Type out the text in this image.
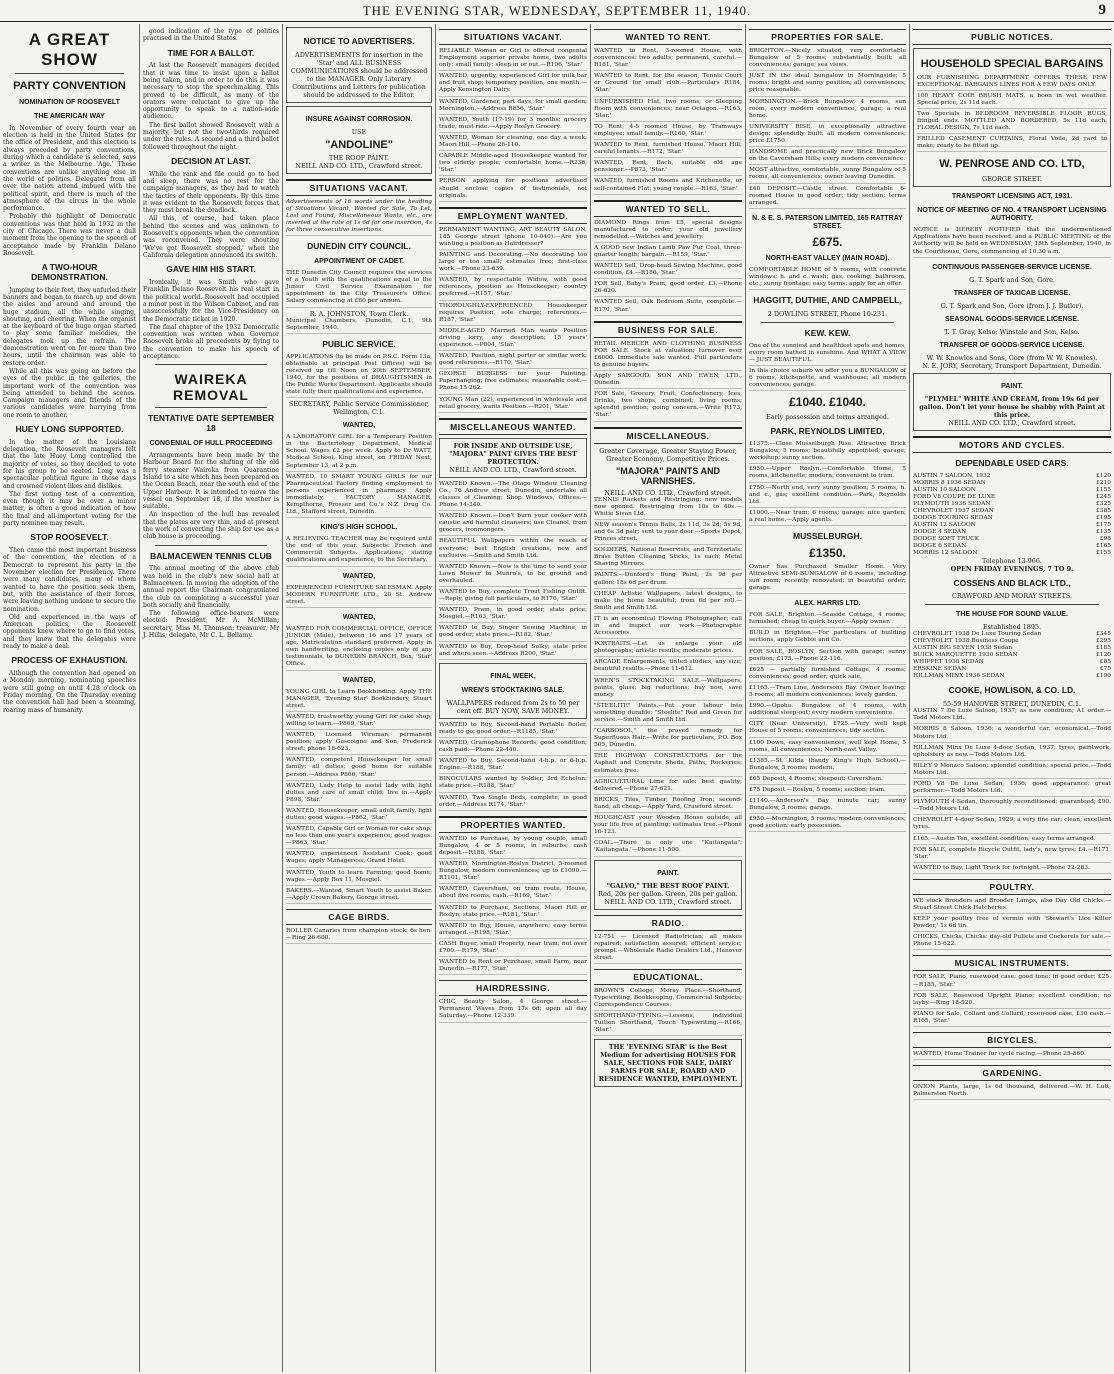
THE EVENING STAR, WEDNESDAY, SEPTEMBER 11, 1940.	9
A GREAT SHOW
PARTY CONVENTION
NOMINATION OF ROOSEVELT
THE AMERICAN WAY

In November of every fourth year an election is held in the United States for the office of President, and this election is always preceded by party conventions, during which a candidate is selected, says a writer in the Melbourne 'Age.' These conventions are unlike anything else in the world of politics. Delegates from all over the nation attend imbued with the political spirit, and there is much of the atmosphere of the circus in the whole performance.

Probably the highlight of Democratic conventions was that held in 1932 in the city of Chicago. There was never a dull moment from the opening to the speech of acceptance made by Franklin Delano Roosevelt.

A TWO-HOUR DEMONSTRATION.

Jumping to their feet, they unfurled their banners and began to march up and down the aisles and around and around the huge stadium, all the while singing, shouting, and cheering. When the organist at the keyboard of the huge organ started to play some familiar melodies, the delegates took up the refrain. The demonstration went on for more than two hours, until the chairman was able to restore order.

While all this was going on before the eyes of the public in the galleries, the important work of the convention was being attended to behind the scenes. Campaign managers and friends of the various candidates were hurrying from one room to another.

HUEY LONG SUPPORTED.

In the matter of the Louisiana delegation, the Roosevelt managers felt that the late Huey Long controlled the majority of votes, so they decided to vote for his group to be seated. Long was a spectacular political figure in those days and crowned violent likes and dislikes.

The first voting test of a convention, even though it may be over a minor matter, is often a good indication of how the final and all-important voting for the party nominee may result.

STOP ROOSEVELT.

Then came the most important business of the convention, the election of a Democrat to represent his party in the November election for Presidency. There were many candidates, many of whom wanted to have the position seek them, but, with the assistance of their forces, were leaving nothing undone to secure the nomination.

Old and experienced in the ways of American politics, the Roosevelt opponents knew where to go to find votes, and they knew that the delegates were ready to make a deal.

PROCESS OF EXHAUSTION.

Although the convention had opened on a Monday morning, nominating speeches were still going on until 4.28 o'clock on Friday morning. On the Thursday evening the convention hall had been a steaming, roaring mass of humanity.

good indication of the type of politics practised in the United States.

TIME FOR A BALLOT.

At last the Roosevelt managers decided that it was time to insist upon a ballot being taken, and in order to do this it was necessary to stop the speechmaking. This proved to be difficult, as many of the orators were reluctant to give up the opportunity to speak to a nation-wide audience.

The first ballot showed Roosevelt with a majority, but not the two-thirds required under the rules. A second and a third ballot followed throughout the night.

DECISION AT LAST.

While the rank and file could go to bed and sleep, there was no rest for the campaign managers, as they had to watch the tactics of their opponents. By this time it was evident to the Roosevelt forces that they must break the deadlock.

All this, of course, had taken place behind the scenes and was unknown to Roosevelt's opponents when the convention was reconvened. They were shouting 'We've got Roosevelt stopped,' when the California delegation announced its switch.

GAVE HIM HIS START.

Ironically, it was Smith who gave Franklin Delano Roosevelt his real start in the political world. Roosevelt had occupied a minor post in the Wilson Cabinet, and ran unsuccessfully for the Vice-Presidency on the Democratic ticket in 1920.

The final chapter of the 1932 Democratic convention was written when Governor Roosevelt broke all precedents by flying to the convention to make his speech of acceptance.

WAIREKA REMOVAL
TENTATIVE DATE SEPTEMBER 18
CONGENIAL OF HULL PROCEEDING

Arrangements have been made by the Harbour Board for the shifting of the old ferry steamer Waireka from Quarantine Island to a site which has been prepared on the Ocean Beach, near the south end of the Upper Harbour. It is intended to move the vessel on September 18, if the weather is suitable.

An inspection of the hull has revealed that the plates are very thin, and at present the work of converting the ship for use as a club house is proceeding.

BALMACEWEN TENNIS CLUB

The annual meeting of the above club was held in the club's new social hall at Balmacewen. In moving the adoption of the annual report the Chairman congratulated the club on completing a successful year both socially and financially.

The following office-bearers were elected: President, Mr A. McMillan; secretary, Miss M. Thomson; treasurer, Mr J. Hillis; delegate, Mr C. L. Bellamy.

NOTICE TO ADVERTISERS.
ADVERTISEMENTS for insertion in the 'Star' and ALL BUSINESS COMMUNICATIONS should be addressed to the MANAGER. Only Literary Contributions and Letters for publication should be addressed to the Editor.
INSURE AGAINST CORROSION.
USE
"ANDOLINE"
THE ROOF PAINT.
NEILL AND CO. LTD., Crawford street.
SITUATIONS VACANT.

Advertisements of 16 words under the heading of Situations Vacant, Wanted for Sale, To Let, Lost and Found, Miscellaneous Wants, etc., are inserted at the rate of 1s 6d for one insertion, 4s for three consecutive insertions.

DUNEDIN CITY COUNCIL.
APPOINTMENT OF CADET.

THE Dunedin City Council requires the services of a Youth with the qualifications equal to the Junior Civil Service Examination for appointment to the City Treasurer's Office. Salary commencing at £60 per annum.

R. A. JOHNSTON, Town Clerk.

Municipal Chambers, Dunedin, C.1, 9th September, 1940.

PUBLIC SERVICE.

APPLICATIONS (to be made on P.S.C. Form 13a, obtainable at principal Post Offices) will be received up till Noon on 20th SEPTEMBER, 1940, for the positions of DRAUGHTSMEN in the Public Works Department. Applicants should state fully their qualifications and experience.

SECRETARY, Public Service Commissioner, Wellington, C.1.
WANTED,

A LABORATORY GIRL for a Temporary Position in the Bacteriology Department, Medical School. Wages £2 per week. Apply to Dr WATT, Medical School, King street, on FRIDAY Next, September 13, at 2 p.m.

WANTED, 10 SMART YOUNG GIRLS for our Pharmaceutical Factory finding employment to persons experienced in pharmacy. Apply immediately, FACTORY MANAGER, Kempthorne, Prosser and Co.'s N.Z. Drug Co. Ltd., Stafford street, Dunedin.

KING'S HIGH SCHOOL.

A RELIEVING TEACHER may be required until the end of this year. Subjects: French and Commercial Subjects. Applications, stating qualifications and experience, to the Secretary.

WANTED,

EXPERIENCED FURNITURE SALESMAN. Apply MODERN FURNITURE LTD., 20 St. Andrew street.

WANTED,

WANTED FOR COMMERCIAL OFFICE, OFFICE JUNIOR (Male), between 16 and 17 years of age. Matriculation standard preferred. Apply in own handwriting, enclosing copies only of any testimonials, to DUNEDIN BRANCH, Box, 'Star' Office.

WANTED,

YOUNG GIRL to Learn Bookbinding. Apply THE MANAGER, 'Evening Star' Bookbindery, Stuart street.

WANTED, trustworthy young Girl for cake shop; willing to learn.—P869, 'Star.'

WANTED, Licensed Wireman; permanent position; apply Gascoigne and Son, Frederick street; phone 18-623.

WANTED, competent Housekeeper for small family; all duties; good home for suitable person.—Address P866, 'Star.'

WANTED, Lady Help to assist lady with light duties and care of small child; live in.—Apply P898, 'Star.'

WANTED, Housekeeper, small adult family, light duties; good wages.—P862, 'Star.'

WANTED, Capable Girl or Woman for cake shop; no less than one year's experience; good wages.—P863, 'Star.'

WANTED, experienced Assistant Cook; good wages; apply Manageress, Grand Hotel.

WANTED, Youth to learn Farming; good home; wages.—Apply Box 11, Mosgiel.

BAKERS.—Wanted, Smart Youth to assist Baker.—Apply Crown Bakery, George street.

CAGE BIRDS.

ROLLER Canaries from champion stock; 6s hen.—Ring 26-600.

SITUATIONS VACANT.

RELIABLE Woman or Girl is offered congenial Employment superior private home, two adults only; small family; sleep in or out.—R196, 'Star.'

WANTED, urgently, experienced Girl for milk bar and fruit shop; temporary position, one month.—Apply Kensington Dairy.

WANTED, Gardener, part days, for small garden; Mornington.—Address R856, 'Star.'

WANTED, Youth (17-19) for 3 months; grocery trade; must ride.—Apply Roslyn Grocery.

WANTED, Woman for cleaning, one day a week; Maori Hill.—Phone 26-110.

CAPABLE Middle-aged Housekeeper wanted for two elderly people; comfortable home.—R238, 'Star.'

PERSON applying for positions advertised should enclose copies of testimonials, not originals.

EMPLOYMENT WANTED.

PERMANENT WANTING, ART BEAUTY SALON, 185 George street (phone 10-040).—Are you wanting a position as Hairdresser?

PAINTING and Decorating.—No decorating too large or too small; estimates free; first-class work.—Phone 23-639.

WANTED, by respectable Widow, with good references, position as Housekeeper; country preferred.—R157, 'Star.'

THOROUGHLY-EXPERIENCED Housekeeper requires Position, sole charge; references.—R187, 'Star.'

MIDDLE-AGED Married Man wants Position driving lorry, any description; 15 years' experience.—P804, 'Star.'

WANTED, Position, night porter or similar work; good references.—R170, 'Star.'

GEORGE BURGESS for your Painting, Paperhanging; free estimates; reasonable cost.—Phone 15-262.

YOUNG Man (22), experienced in wholesale and retail grocery, wants Position.—R201, 'Star.'

MISCELLANEOUS WANTED.
FOR INSIDE AND OUTSIDE USE, "MAJORA" PAINT GIVES THE BEST PROTECTION.
NEILL AND CO. LTD., Crawford street.

WANTED Known.—The Otago Window Cleaning Co., 76 Andrew street, Dunedin, undertake all classes of Cleaning; Shop Windows, Offices.—Phone 14-340.

WANTED Known.—Don't burn your cooker with caustic and harmful cleansers; use Cleanol, from grocers, ironmongers.

BEAUTIFUL Wallpapers within the reach of everyone; best English creations, new and exclusive.—Smith and Smith Ltd.

WANTED Known.—Now is the time to send your Lawn Mower to Munro's, to be ground and overhauled.

WANTED to Buy, complete Trout Fishing Outfit.—Reply, giving full particulars, to R176, 'Star.'

WANTED, Pram, in good order, state price; Mosgiel.—R163, 'Star.'

WANTED to Buy, Singer Sewing Machine, in good order; state price.—R182, 'Star.'

WANTED to Buy, Drop-head Sulky; state price and where seen.—Address R200, 'Star.'

FINAL WEEK,
WREN'S STOCKTAKING SALE.
WALLPAPERS reduced from 2s to 50 per cent off. BUY NOW, SAVE MONEY.

WANTED to Buy, Second-hand Portable Boiler, ready to go; good order.—R1185, 'Star.'

WANTED, Gramophone Records, good condition; cash paid.—Phone 22-440.

WANTED to Buy, Second-hand 4-h.p. or 6-h.p. Engine.—R188, 'Star.'

BINOCULARS wanted by Soldier, 3rd Echelon; state price.—R188, 'Star.'

WANTED, Two Single Beds, complete, in good order.—Address R174, 'Star.'

PROPERTIES WANTED.

WANTED to Purchase, by young couple, small Bungalow, 4 or 5 rooms, in suburbs; cash deposit.—R188, 'Star.'

WANTED, Mornington-Roslyn District, 5-roomed Bungalow, modern conveniences; up to £1000.—R1101, 'Star.'

WANTED, Caversham, on tram route, House, about five rooms; cash.—R169, 'Star.'

WANTED to Purchase, Sections, Maori Hill or Roslyn; state price.—R181, 'Star.'

WANTED to Buy, House, anywhere; easy terms arranged.—R198, 'Star.'

CASH Buyer, small Property, near tram; not over £700.—R179, 'Star.'

WANTED to Rent or Purchase, small Farm, near Dunedin.—R177, 'Star.'

HAIRDRESSING.

CHIC Beauty Salon, 4 George street.—Permanent Waves from 17s 6d; open all day Saturday.—Phone 12-339.

WANTED TO RENT.

WANTED to Rent, 3-roomed House, with conveniences; two adults; permanent, careful.—R181, 'Star.'

WANTED to Rent, for the season, Tennis Court or Ground for small club.—Particulars R184, 'Star.'

UNFURNISHED Flat, two rooms, or Sleeping Room with conveniences; near Octagon.—R163, 'Star.'

TO Rent, 4-5 roomed House, by Tramways employee; small family.—R160, 'Star.'

WANTED to Rent, furnished House, Maori Hill; careful tenants.—R172, 'Star.'

WANTED, Rent, Bach, suitable old age pensioner.—P873, 'Star.'

WANTED, furnished Rooms and Kitchenette, or self-contained Flat; young couple.—R163, 'Star.'

WANTED TO SELL.

DIAMOND Rings from £5, special designs manufactured to order; your old jewellery remodelled.—Watches and jewellery.

A GOOD new Indian Lamb Paw Fur Coat, three-quarter length; bargain.—R159, 'Star.'

WANTED Sell, Drop-head Sewing Machine, good condition, £4.—R186, 'Star.'

FOR Sell, Baby's Pram, good order, £3.—Phone 26-620.

WANTED Sell, Oak Bedroom Suite, complete.—R170, 'Star.'

BUSINESS FOR SALE.

RETAIL MERCER AND CLOTHING BUSINESS FOR SALE. Stock at valuation; turnover over £6000. Immediate sale wanted. Full particulars to genuine buyers.

Apply SARGOOD, SON AND EWEN, LTD., Dunedin.

FOR Sale, Grocery, Fruit, Confectionery, Ices, Drinks, two shops, combined; living rooms; splendid position; going concern.—Write R173, 'Star.'

MISCELLANEOUS.
Greater Coverage, Greater Staying Power, Greater Economy, Competitive Prices.
"MAJORA" PAINTS AND VARNISHES.
NEILL AND CO. LTD., Crawford street.

TENNIS Rackets and Restringing; new models now opened. Restringing from 10s to 40s.—Whitie Sivan Ltd.

NEW season's Tennis Balls, 2s 11d, 3s 2d; 5s 9d, and 6s 3d pair; sent to your door.—Sports Depot, Princes street.

SOLDIERS, National Reservists, and Territorials: Brass Button Cleaning Sticks, 1s each; Metal Shaving Mirrors.

PAINTS.—Dunford's Bung Paint, 2s 9d per gallon; 18s 6d per drum.

CHEAP Artistic Wallpapers, latest designs, to make the home beautiful; from 6d per roll.—Smith and Smith Ltd.

IT is an economical Flowing Photographer; call in and inspect our work.—Photographic Accessories.

PORTRAITS.—Let us enlarge your old photographs; artistic results; moderate prices.

ARCADE Enlargements, tinted studies, any size; beautiful results.—Phone 11-612.

WREN'S STOCKTAKING SALE.—Wallpapers, paints, glass; big reductions; buy now, save money.

"STEELITE" Paints.—Put your labour into something durable; "Steelite" Red and Green for service.—Smith and Smith Ltd.

"CARBOSOL," the proved remedy for Superfluous Hair.—Write for particulars, P.O. Box 505, Dunedin.

THE HIGHWAY CONSTRUCTORS for the Asphalt and Concrete Sheds, Paths, Rockeries; estimates free.

AGRICULTURAL Lime for sale; best quality; delivered.—Phone 27-621.

BRICKS, Tiles, Timber, Roofing Iron; second-hand; all cheap.—Apply Yard, Crawford street.

ROUGHCAST your Wooden House outside, all your life free of painting; estimates free.—Phone 16-123.

COAL.—There is only one "Kaitangata"; 'Kaitangata.'—Phone 11-500.

PAINT.
"GALVO," THE BEST ROOF PAINT.
Red, 20s per gallon. Green, 20s per gallon.
NEILL AND CO. LTD., Crawford street.
RADIO.

12-751 — Licensed Radiotrician; all makes repaired; satisfaction assured; efficient service; prompt.—Wholesale Radio Dealers Ltd., Hanover street.

EDUCATIONAL.

BROWN'S College, Moray Place.—Shorthand, Typewriting, Bookkeeping, Commercial Subjects; Correspondence Courses.

SHORTHAND-TYPING.—Lessons, individual Tuition Shorthand, Touch Typewriting.—R166, 'Star.'

THE 'EVENING STAR' is the Best Medium for advertising HOUSES FOR SALE, SECTIONS FOR SALE, DAIRY FARMS FOR SALE, BOARD AND RESIDENCE WANTED, EMPLOYMENT.
PROPERTIES FOR SALE.

BRIGHTON.—Nicely situated, very comfortable Bungalow of 5 rooms; substantially built; all conveniences; garage; sea views.

JUST IN the ideal bungalow in Morningside; 5 rooms; bright and sunny position; all conveniences; price reasonable.

MORNINGTON.—Brick Bungalow, 4 rooms, sun room, every modern convenience, garage; a real home.

UNIVERSITY RISE, in exceptionally attractive design; splendidly built; all modern conveniences; price £1750.

HANDSOME and practically new Brick Bungalow on the Caversham Hills; every modern convenience.

MOST attractive, comfortable, sunny Bungalow of 5 rooms, all conveniences; owner leaving Dunedin.

£40 DEPOSIT.—Castle street. Comfortable 6-roomed House in good order; tidy section; terms arranged.

N. & E. S. PATERSON LIMITED, 165 RATTRAY STREET.
£675.
NORTH-EAST VALLEY (MAIN ROAD).

COMFORTABLE HOME of 5 rooms, with concrete windows; h. and c. wash; gas, cooking; bathroom, etc.; sunny frontage; easy terms; apply for an offer.

HAGGITT, DUTHIE, AND CAMPBELL,
2 DOWLING STREET. Phone 10-231.
KEW. KEW.

One of the sunniest and healthiest spots and homes, every room bathed in sunshine. And WHAT A VIEW — JUST BEAUTIFUL.

In this choice suburb we offer you a BUNGALOW of 6 rooms, kitchenette, and washhouse; all modern conveniences; garage.

£1040. £1040.
Early possession and terms arranged.
PARK, REYNOLDS LIMITED,

£1375.—Close Musselburgh Rise. Attractive Brick Bungalow, 5 rooms; beautifully appointed; garage; workshop; sunny section.

£950.—Upper Roslyn.—Comfortable Home, 5 rooms, kitchenette; modern; convenient to tram.

£750.—North end, very sunny position; 5 rooms, h. and c., gas; excellent condition.—Park, Reynolds Ltd.

£1000.—Near tram; 6 rooms; garage; nice garden; a real home.—Apply agents.

MUSSELBURGH.
£1350.

Owner has Purchased Smaller Home. Very Attractive SEMI-BUNGALOW of 6 rooms, including sun room; recently renovated; in beautiful order; garage.

ALEX. HARRIS LTD.

FOR SALE, Brighton.—Seaside Cottage, 4 rooms; furnished; cheap to quick buyer.—Apply owner.

BUILD in Brighton.—For particulars of building sections, apply Gebbie and Co.

FOR SALE, ROSLYN, Section with garage; sunny position; £175.—Phone 22-116.

£625 — partially furnished Cottage, 4 rooms; conveniences; good order; quick sale.

£1165.—Tram Line, Andersons Bay. Owner leaving; 5 rooms; all modern conveniences; lovely garden.

£990.—Opoho. Bungalow of 4 rooms, with additional sleep-out; every modern convenience.

CITY (Near University), £725.—Very well kept House of 5 rooms; conveniences; tidy section.

£100 Down, easy conveniences, well kept Home, 5 rooms, all conveniences; North-east Valley.

£1385.—St. Kilda (handy King's High School).—Bungalow, 5 rooms; modern.

£65 Deposit, 4 Rooms; sleepout; Caversham.

£75 Deposit.—Roslyn, 5 rooms; section; tram.

£1140.—Anderson's Bay minute car; sunny Bungalow, 5 rooms; garage.

£950.—Mornington, 5 rooms; modern conveniences; good section; early possession.

PUBLIC NOTICES.
HOUSEHOLD SPECIAL BARGAINS

OUR FURNISHING DEPARTMENT OFFERS THESE FEW EXCEPTIONAL BARGAINS LINES FOR A FEW DAYS ONLY.

100 HEAVY COIR BRUSH MATS, a boon in wet weather. Special price, 2s 11d each.

Two Specials in BEDROOM REVERSIBLE FLOOR RUGS, fringed ends. MOTTLED AND BORDERED, 5s 11d each. FLORAL DESIGN, 7s 11d each.

FRILLED CASEMENT CURTAINS, Floral Voile, 2d yard to make; ready to be fitted up.

W. PENROSE AND CO. LTD,
GEORGE STREET.
TRANSPORT LICENSING ACT, 1931.
NOTICE OF MEETING OF NO. 4 TRANSPORT LICENSING AUTHORITY.

NOTICE is HEREBY NOTIFIED that the undermentioned Applications have been received, and a PUBLIC MEETING of the Authority will be held on WEDNESDAY, 18th September, 1940, in the Courthouse, Gore, commencing at 10.30 a.m.

CONTINUOUS PASSENGER-SERVICE LICENSE.
G. T. Spark and Son, Gore.
TRANSFER OF TAXICAB LICENSE.
G. T. Spark and Son, Gore (from J. J. Butler).
SEASONAL GOODS-SERVICE LICENSE.
T. T. Gray, Kelso; Winstale and Son, Kelso.
TRANSFER OF GOODS-SERVICE LICENSE.
W. W. Knowles and Sons, Gore (from W. W. Knowles).
N. E. JORY, Secretary, Transport Department, Dunedin.
PAINT.
"PLYMEL" WHITE AND CREAM, from 19s 6d per gallon. Don't let your house be shabby with Paint at this price.
NEILL AND CO. LTD., Crawford street.
MOTORS AND CYCLES.
DEPENDABLE USED CARS.
AUSTIN 7 SALOON, 1932	£120
MORRIS 8 1936 SEDAN	£210
AUSTIN 10 SALOON	£155
FORD V8 COUPE DE LUXE	£245
PLYMOUTH 1936 SEDAN	£325
CHEVROLET 1937 SEDAN	£385
DODGE TOURING SEDAN	£195
AUSTIN 12 SALOON	£175
DODGE 4 SEDAN	£135
DODGE SOFT TRUCK	£98
DODGE 6 SEDAN	£165
MORRIS 12 SALOON	£155
Telephone 13-966.
OPEN FRIDAY EVENINGS, 7 TO 9.
COSSENS AND BLACK LTD.,
CRAWFORD AND MORAY STREETS.
THE HOUSE FOR SOUND VALUE.
Established 1895.
CHEVROLET 1938 De Luxe Touring Sedan	£345
CHEVROLET 1938 Business Coupe	£295
AUSTIN BIG SEVEN 1938 Sedan	£185
BUICK MARQUETTE 1930 SEDAN	£120
WHIPPET 1930 SEDAN	£85
ERSKINE SEDAN	£75
HILLMAN MINX 1936 SEDAN	£190
COOKE, HOWLISON, & CO. LD.
55-59 HANOVER STREET, DUNEDIN, C.1.

AUSTIN 7 De Luxe Saloon, 1937; as new condition; A1 order.—Todd Motors Ltd.

MORRIS 8 Saloon, 1936; a wonderful car; economical.—Todd Motors Ltd.

HILLMAN Minx De Luxe 4-door Sedan, 1937; tyres, paintwork, upholstery as new.—Todd Motors Ltd.

RILEY 9 Monaco Saloon; splendid condition; special price.—Todd Motors Ltd.

FORD V8 De Luxe Sedan, 1936; good appearance; great performer.—Todd Motors Ltd.

PLYMOUTH 4-Sedan, thoroughly reconditioned; guaranteed; £90.—Todd Motors Ltd.

CHEVROLET 4-door Sedan, 1929; a very fine car; clean; excellent tyres.

£165.—Austin Ten, excellent condition; easy terms arranged.

FOR SALE, complete Bicycle Outfit, lady's, new tyres; £4.—R171, 'Star.'

WANTED to Buy, Light Truck for fortnight.—Phone 22-283.

POULTRY.

WE stock Brooders and Brooder Lamps, also Day Old Chicks.—Stuart Street Chick Hatcheries.

KEEP your poultry free of vermin with 'Stewart's Lice Killer Powder,' 1s 6d tin.

CHICKS, Chicks, Chicks: day-old Pullets and Cockerels for sale.—Phone 15-622.

MUSICAL INSTRUMENTS.

FOR SALE, Piano, rosewood case; good tone; in good order; £25.—R185, 'Star.'

FOR SALE, Rosewood Upright Piano; excellent condition; no layby.—Ring 18-520.

PIANO for Sale, Collard and Collard, rosewood case, £30 cash.—R165, 'Star.'

BICYCLES.

WANTED, Home Trainer for cycle racing.—Phone 25-860.

GARDENING.

ONION Plants, large, 1s 6d thousand, delivered.—W. H. Lutt, Palmerston North.
